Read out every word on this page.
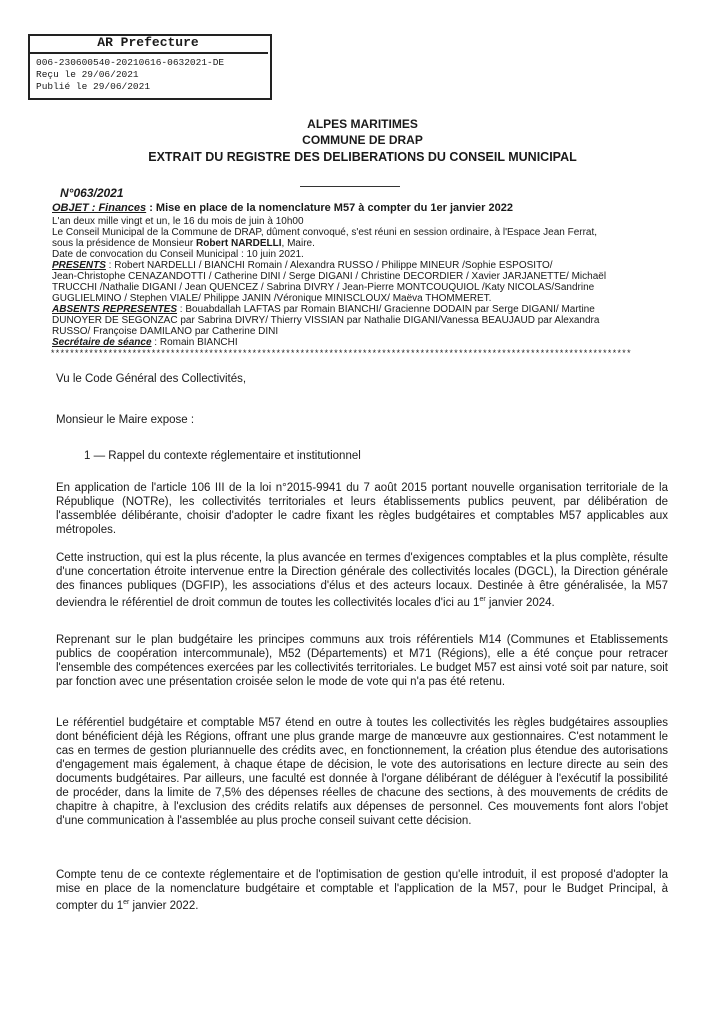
AR Prefecture
006-230600540-20210616-0632021-DE
Reçu le 29/06/2021
Publié le 29/06/2021
ALPES MARITIMES
COMMUNE DE DRAP
EXTRAIT DU REGISTRE DES DELIBERATIONS DU CONSEIL MUNICIPAL
N°063/2021
OBJET : Finances : Mise en place de la nomenclature M57 à compter du 1er janvier 2022
L'an deux mille vingt et un, le 16 du mois de juin à 10h00
Le Conseil Municipal de la Commune de DRAP, dûment convoqué, s'est réuni en session ordinaire, à l'Espace Jean Ferrat,
sous la présidence de Monsieur Robert NARDELLI, Maire.
Date de convocation du Conseil Municipal : 10 juin 2021.
PRESENTS : Robert NARDELLI / BIANCHI Romain / Alexandra RUSSO / Philippe MINEUR /Sophie ESPOSITO/
Jean-Christophe CENAZANDOTTI / Catherine DINI / Serge DIGANI / Christine DECORDIER / Xavier JARJANETTE/ Michaël
TRUCCHI /Nathalie DIGANI / Jean QUENCEZ / Sabrina DIVRY / Jean-Pierre MONTCOUQUIOL /Katy NICOLAS/Sandrine
GUGLIELMINO / Stephen VIALE/ Philippe JANIN /Véronique MINISCLOUX/ Maëva THOMMERET.
ABSENTS REPRESENTES : Bouabdallah LAFTAS par Romain BIANCHI/ Gracienne DODAIN par Serge DIGANI/ Martine
DUNOYER DE SEGONZAC par Sabrina DIVRY/ Thierry VISSIAN par Nathalie DIGANI/Vanessa BEAUJAUD par Alexandra
RUSSO/ Françoise DAMILANO par Catherine DINI
Secrétaire de séance : Romain BIANCHI
*************************************************************************************************************************
Vu le Code Général des Collectivités,
Monsieur le Maire expose :
1 — Rappel du contexte réglementaire et institutionnel
En application de l'article 106 III de la loi n°2015-9941 du 7 août 2015 portant nouvelle organisation territoriale de la République (NOTRe), les collectivités territoriales et leurs établissements publics peuvent, par délibération de l'assemblée délibérante, choisir d'adopter le cadre fixant les règles budgétaires et comptables M57 applicables aux métropoles.
Cette instruction, qui est la plus récente, la plus avancée en termes d'exigences comptables et la plus complète, résulte d'une concertation étroite intervenue entre la Direction générale des collectivités locales (DGCL), la Direction générale des finances publiques (DGFIP), les associations d'élus et des acteurs locaux. Destinée à être généralisée, la M57 deviendra le référentiel de droit commun de toutes les collectivités locales d'ici au 1er janvier 2024.
Reprenant sur le plan budgétaire les principes communs aux trois référentiels M14 (Communes et Etablissements publics de coopération intercommunale), M52 (Départements) et M71 (Régions), elle a été conçue pour retracer l'ensemble des compétences exercées par les collectivités territoriales. Le budget M57 est ainsi voté soit par nature, soit par fonction avec une présentation croisée selon le mode de vote qui n'a pas été retenu.
Le référentiel budgétaire et comptable M57 étend en outre à toutes les collectivités les règles budgétaires assouplies dont bénéficient déjà les Régions, offrant une plus grande marge de manœuvre aux gestionnaires. C'est notamment le cas en termes de gestion pluriannuelle des crédits avec, en fonctionnement, la création plus étendue des autorisations d'engagement mais également, à chaque étape de décision, le vote des autorisations en lecture directe au sein des documents budgétaires. Par ailleurs, une faculté est donnée à l'organe délibérant de déléguer à l'exécutif la possibilité de procéder, dans la limite de 7,5% des dépenses réelles de chacune des sections, à des mouvements de crédits de chapitre à chapitre, à l'exclusion des crédits relatifs aux dépenses de personnel. Ces mouvements font alors l'objet d'une communication à l'assemblée au plus proche conseil suivant cette décision.
Compte tenu de ce contexte réglementaire et de l'optimisation de gestion qu'elle introduit, il est proposé d'adopter la mise en place de la nomenclature budgétaire et comptable et l'application de la M57, pour le Budget Principal, à compter du 1er janvier 2022.
